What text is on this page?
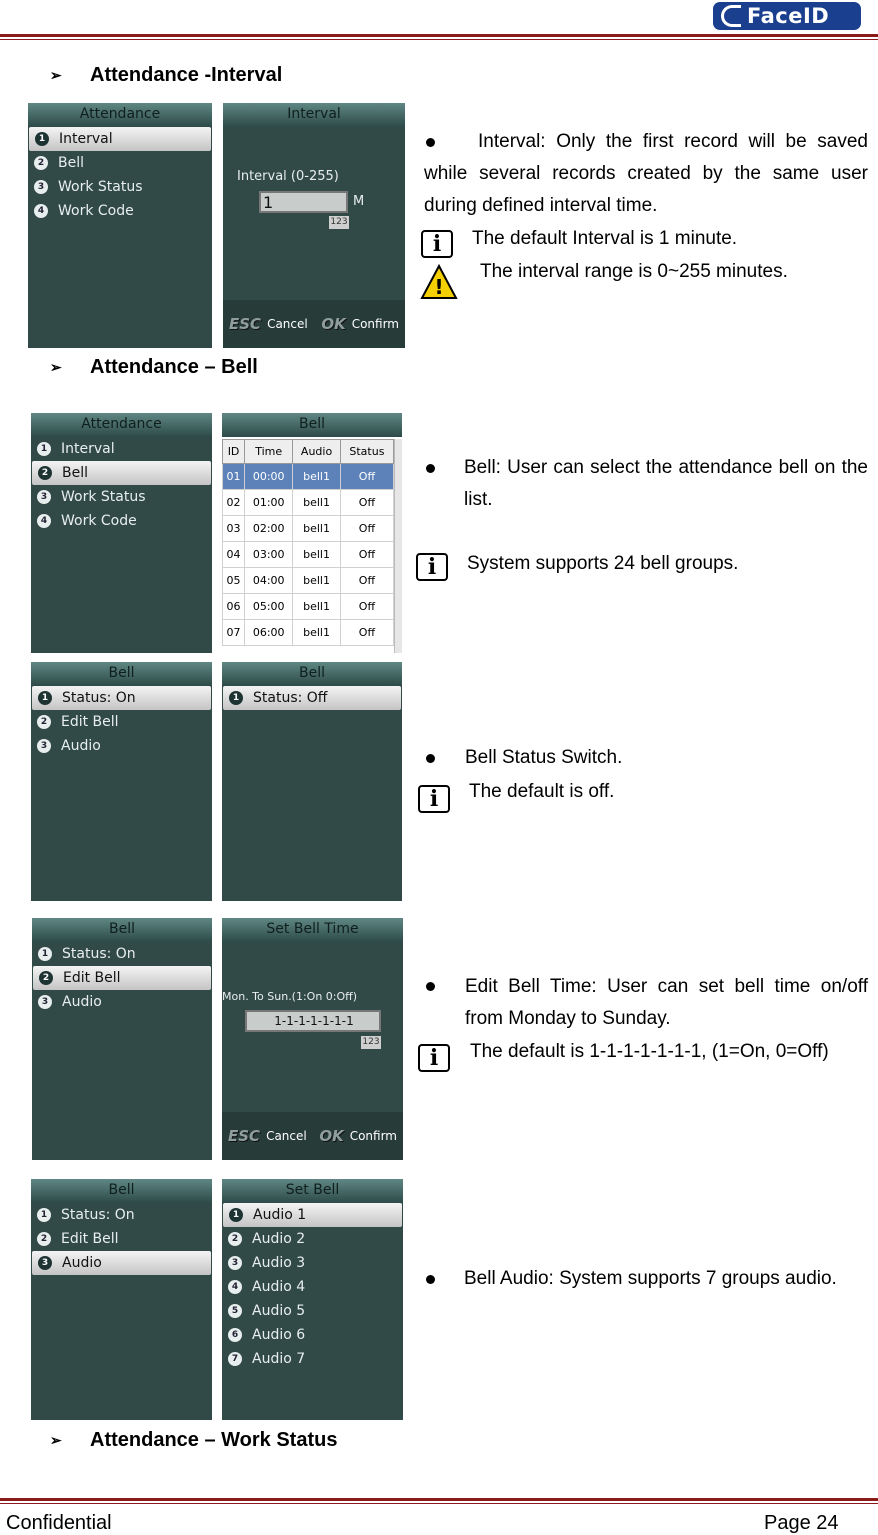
FaceID
➢	Attendance -Interval
Attendance
1 Interval
2 Bell
3 Work Status
4 Work Code
Interval
Interval (0-255)
1	M
123
ESC Cancel OK Confirm
Interval: Only the first record will be saved while several records created by the same user during defined interval time.
i	The default Interval is 1 minute.
!
The interval range is 0~255 minutes.
➢	Attendance – Bell
Attendance
1 Interval
2 Bell
3 Work Status
4 Work Code
Bell
ID	Time	Audio	Status
01	00:00	bell1	Off
02	01:00	bell1	Off
03	02:00	bell1	Off
04	03:00	bell1	Off
05	04:00	bell1	Off
06	05:00	bell1	Off
07	06:00	bell1	Off
Bell: User can select the attendance bell on the list.
i	System supports 24 bell groups.
Bell
1 Status: On
2 Edit Bell
3 Audio
Bell
1 Status: Off
Bell Status Switch.
i	The default is off.
Bell
1 Status: On
2 Edit Bell
3 Audio
Set Bell Time
Mon. To Sun.(1:On 0:Off)
1-1-1-1-1-1-1
123
ESC Cancel OK Confirm
Edit Bell Time: User can set bell time on/off from Monday to Sunday.
i	The default is 1-1-1-1-1-1-1, (1=On, 0=Off)
Bell
1 Status: On
2 Edit Bell
3 Audio
Set Bell
1 Audio 1
2 Audio 2
3 Audio 3
4 Audio 4
5 Audio 5
6 Audio 6
7 Audio 7
Bell Audio: System supports 7 groups audio.
➢	Attendance – Work Status
Confidential	Page 24
